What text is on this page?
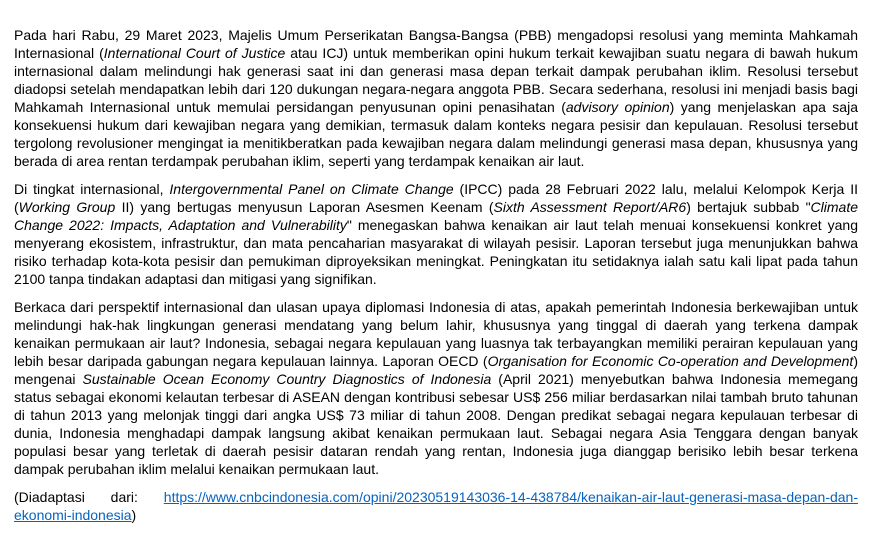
Pada hari Rabu, 29 Maret 2023, Majelis Umum Perserikatan Bangsa-Bangsa (PBB) mengadopsi resolusi yang meminta Mahkamah Internasional (International Court of Justice atau ICJ) untuk memberikan opini hukum terkait kewajiban suatu negara di bawah hukum internasional dalam melindungi hak generasi saat ini dan generasi masa depan terkait dampak perubahan iklim. Resolusi tersebut diadopsi setelah mendapatkan lebih dari 120 dukungan negara-negara anggota PBB. Secara sederhana, resolusi ini menjadi basis bagi Mahkamah Internasional untuk memulai persidangan penyusunan opini penasihatan (advisory opinion) yang menjelaskan apa saja konsekuensi hukum dari kewajiban negara yang demikian, termasuk dalam konteks negara pesisir dan kepulauan. Resolusi tersebut tergolong revolusioner mengingat ia menitikberatkan pada kewajiban negara dalam melindungi generasi masa depan, khususnya yang berada di area rentan terdampak perubahan iklim, seperti yang terdampak kenaikan air laut.

Di tingkat internasional, Intergovernmental Panel on Climate Change (IPCC) pada 28 Februari 2022 lalu, melalui Kelompok Kerja II (Working Group II) yang bertugas menyusun Laporan Asesmen Keenam (Sixth Assessment Report/AR6) bertajuk subbab "Climate Change 2022: Impacts, Adaptation and Vulnerability" menegaskan bahwa kenaikan air laut telah menuai konsekuensi konkret yang menyerang ekosistem, infrastruktur, dan mata pencaharian masyarakat di wilayah pesisir. Laporan tersebut juga menunjukkan bahwa risiko terhadap kota-kota pesisir dan pemukiman diproyeksikan meningkat. Peningkatan itu setidaknya ialah satu kali lipat pada tahun 2100 tanpa tindakan adaptasi dan mitigasi yang signifikan.

Berkaca dari perspektif internasional dan ulasan upaya diplomasi Indonesia di atas, apakah pemerintah Indonesia berkewajiban untuk melindungi hak-hak lingkungan generasi mendatang yang belum lahir, khususnya yang tinggal di daerah yang terkena dampak kenaikan permukaan air laut? Indonesia, sebagai negara kepulauan yang luasnya tak terbayangkan memiliki perairan kepulauan yang lebih besar daripada gabungan negara kepulauan lainnya. Laporan OECD (Organisation for Economic Co-operation and Development) mengenai Sustainable Ocean Economy Country Diagnostics of Indonesia (April 2021) menyebutkan bahwa Indonesia memegang status sebagai ekonomi kelautan terbesar di ASEAN dengan kontribusi sebesar US$ 256 miliar berdasarkan nilai tambah bruto tahunan di tahun 2013 yang melonjak tinggi dari angka US$ 73 miliar di tahun 2008. Dengan predikat sebagai negara kepulauan terbesar di dunia, Indonesia menghadapi dampak langsung akibat kenaikan permukaan laut. Sebagai negara Asia Tenggara dengan banyak populasi besar yang terletak di daerah pesisir dataran rendah yang rentan, Indonesia juga dianggap berisiko lebih besar terkena dampak perubahan iklim melalui kenaikan permukaan laut.

(Diadaptasi dari: https://www.cnbcindonesia.com/opini/20230519143036-14-438784/kenaikan-air-laut-generasi-masa-depan-dan-ekonomi-indonesia)
